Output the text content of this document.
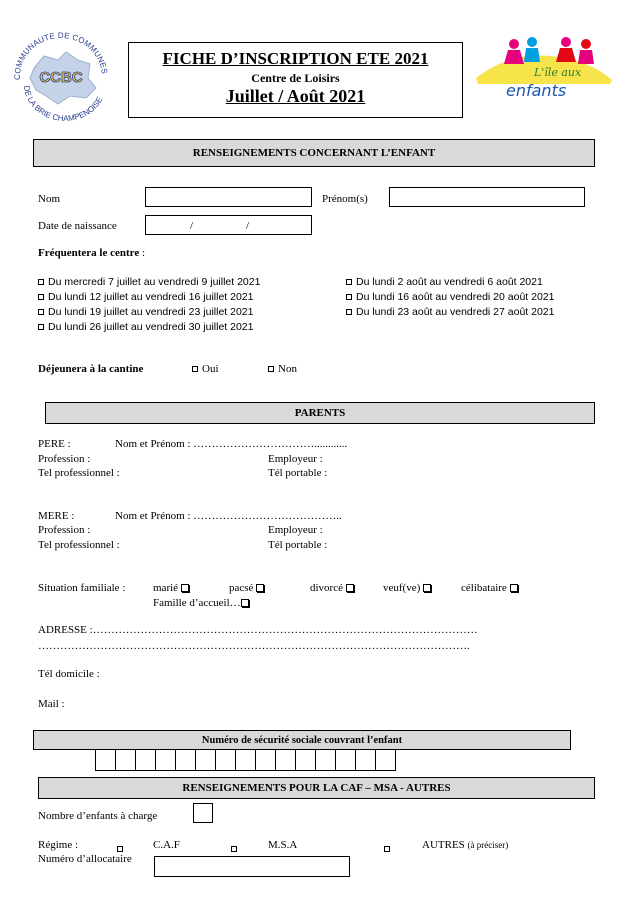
COMMUNAUTE DE COMMUNES
DE LA BRIE CHAMPENOISE
CCBC
FICHE D’INSCRIPTION ETE 2021
Centre de Loisirs
Juillet / Août 2021
L'île aux
enfants
RENSEIGNEMENTS CONCERNANT L’ENFANT
Nom	Prénom(s)
Date de naissance	/	/
Fréquentera le centre :
Du mercredi 7 juillet au vendredi 9 juillet 2021
Du lundi 12 juillet au vendredi 16 juillet 2021
Du lundi 19 juillet au vendredi 23 juillet 2021
Du lundi 26 juillet au vendredi 30 juillet 2021
Du lundi 2 août au vendredi 6 août 2021
Du lundi 16 août au vendredi 20 août 2021
Du lundi 23 août au vendredi 27 août 2021
Déjeunera à la cantine	Oui	Non
PARENTS
PERE :	Nom et Prénom : ……………………………............
Profession :	Employeur :
Tel professionnel :	Tél portable :
MERE :	Nom et Prénom : …………………………………..
Profession :	Employeur :
Tel professionnel :	Tél portable :
Situation familiale :	marié	pacsé	divorcé	veuf(ve)	célibataire
Famille d’accueil…
ADRESSE :……………………………………………………………………………………………
……………………………………………………………………………………………………….
Tél domicile :
Mail :
Numéro de sécurité sociale couvrant l’enfant
RENSEIGNEMENTS POUR LA CAF – MSA - AUTRES
Nombre d’enfants à charge
Régime :	C.A.F	M.S.A	AUTRES (à préciser)
Numéro d’allocataire
